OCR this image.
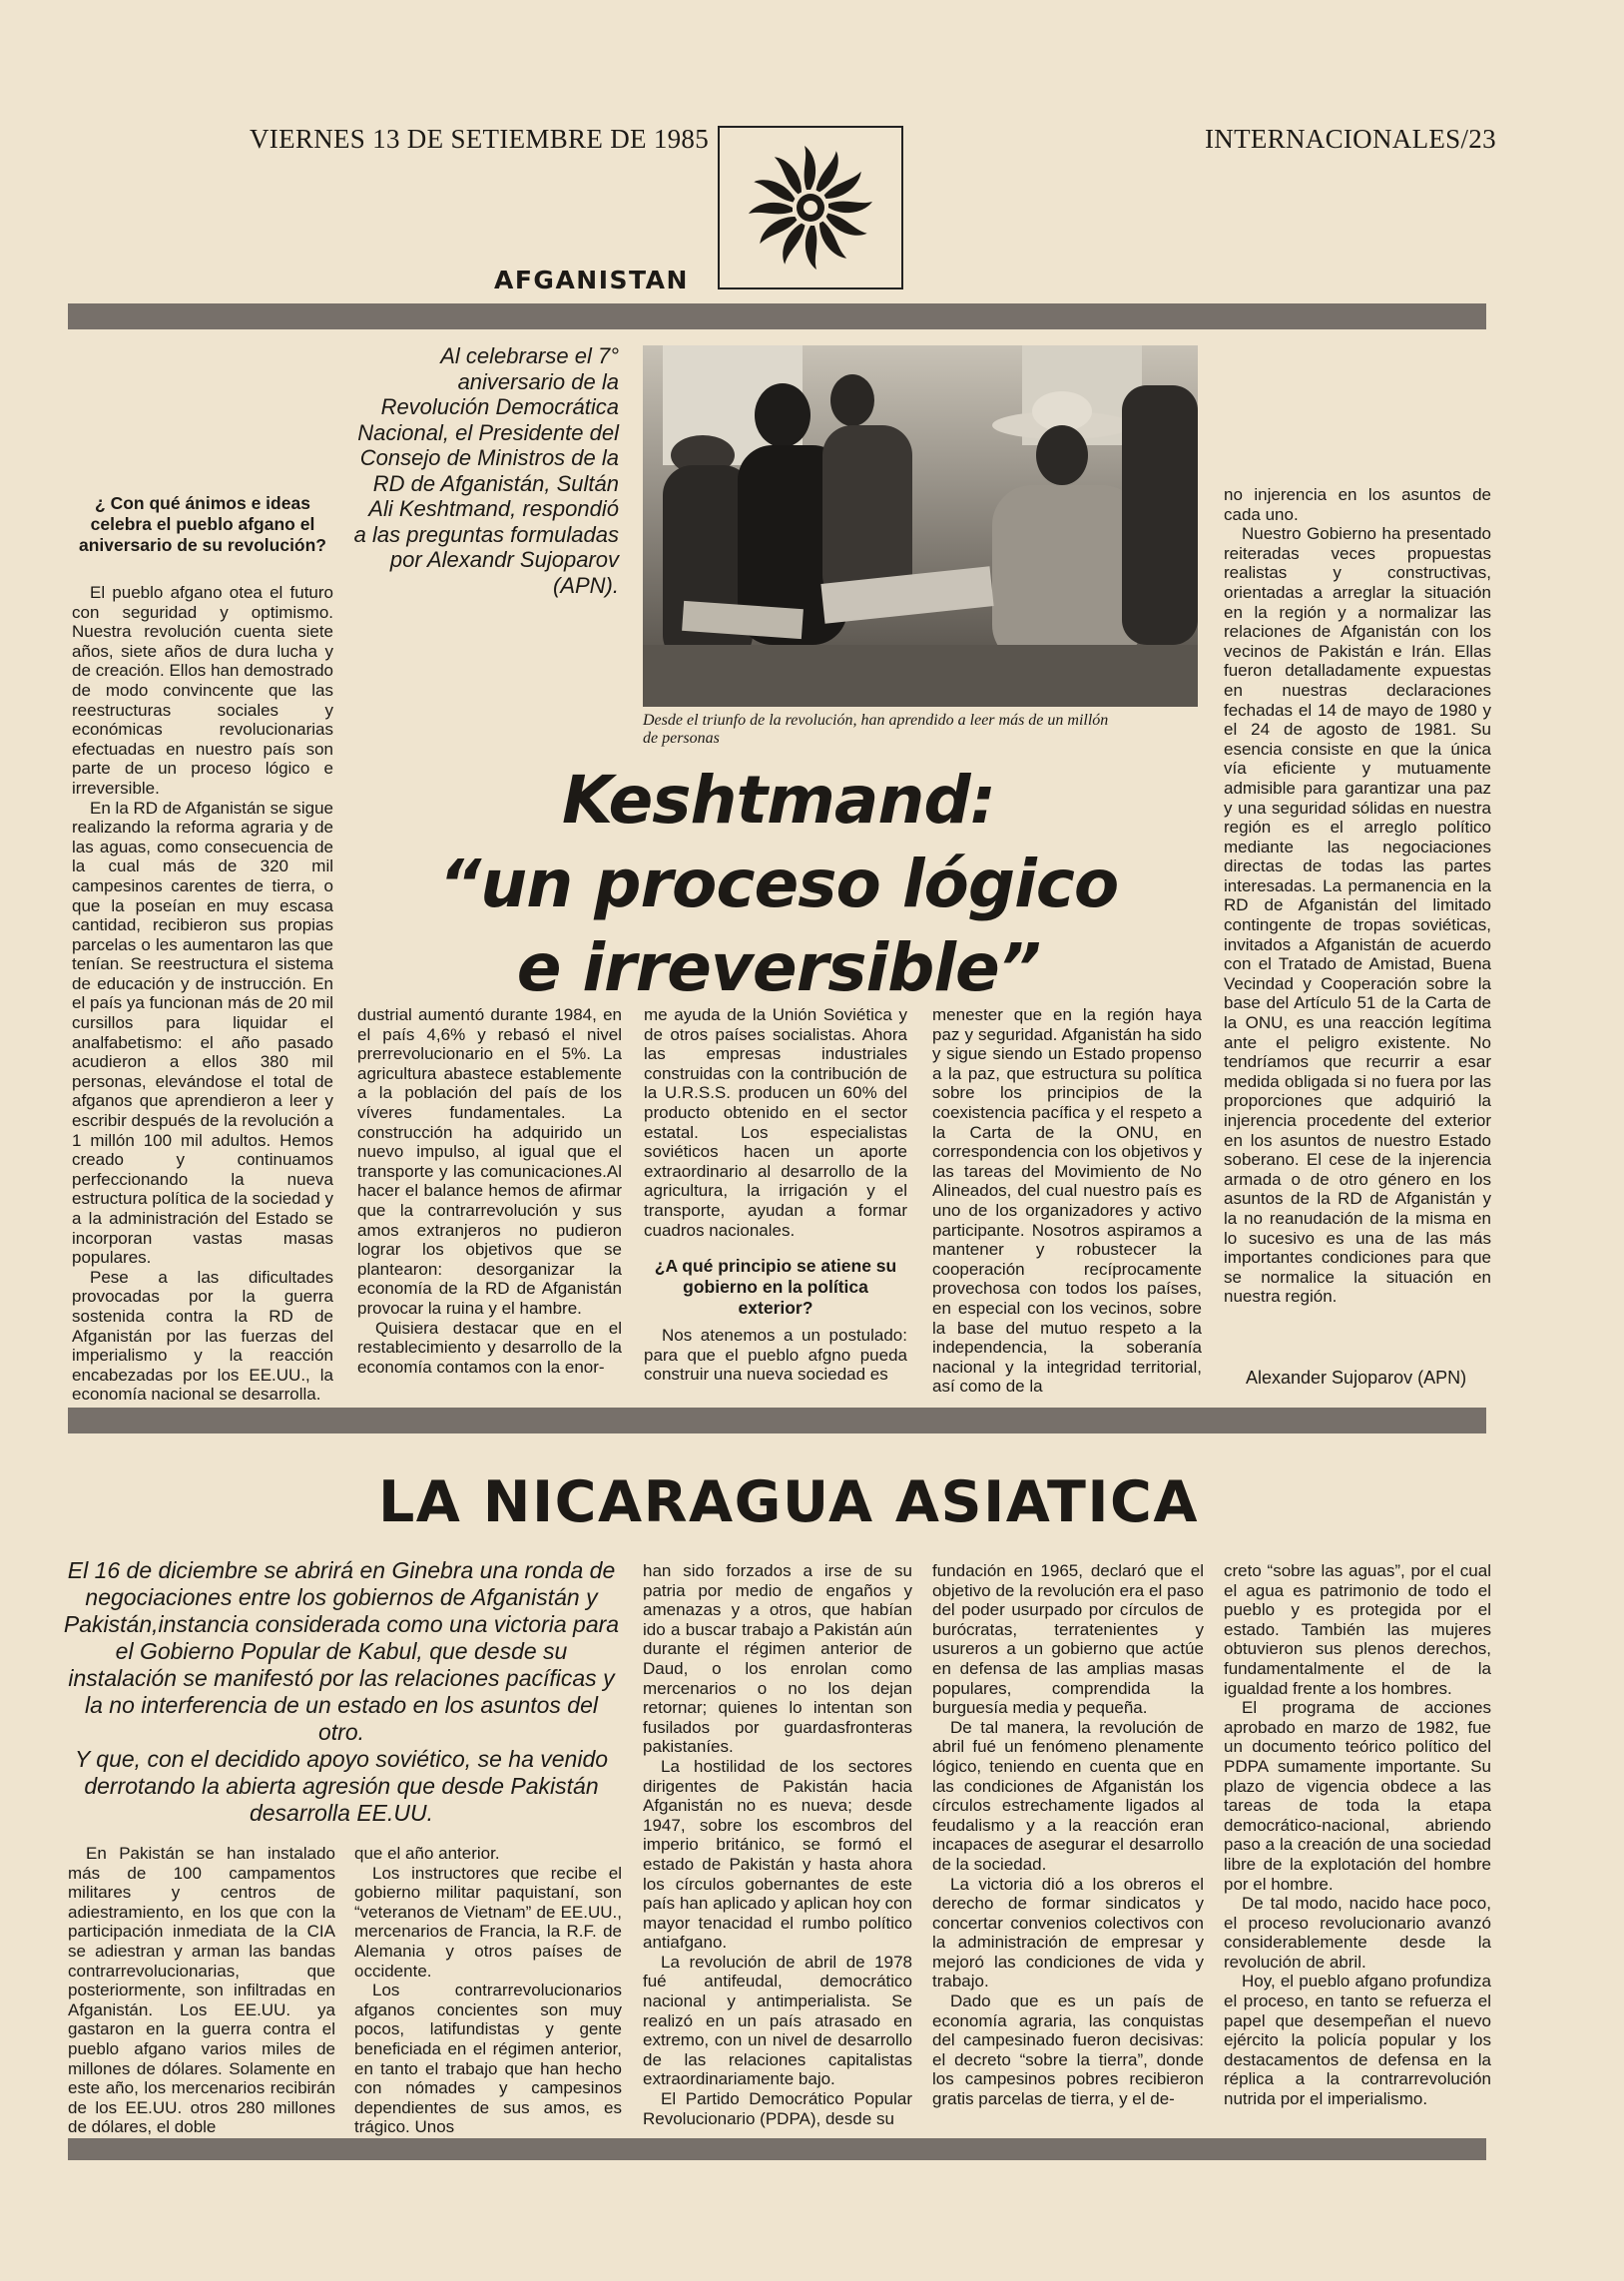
VIERNES 13 DE SETIEMBRE DE 1985	INTERNACIONALES/23
AFGANISTAN
Al celebrarse el 7° aniversario de la Revolución Democrática Nacional, el Presidente del Consejo de Ministros de la RD de Afganistán, Sultán Ali Keshtmand, respondió a las preguntas formuladas por Alexandr Sujoparov (APN).
Desde el triunfo de la revolución, han aprendido a leer más de un millón de personas
Keshtmand:
“un proceso lógico
e irreversible”
¿ Con qué ánimos e ideas celebra el pueblo afgano el aniversario de su revolución?

El pueblo afgano otea el futuro con seguridad y optimismo. Nuestra revolución cuenta siete años, siete años de dura lucha y de creación. Ellos han demostrado de modo convincente que las reestructuras sociales y económicas revolucionarias efectuadas en nuestro país son parte de un proceso lógico e irreversible.

En la RD de Afganistán se sigue realizando la reforma agraria y de las aguas, como consecuencia de la cual más de 320 mil campesinos carentes de tierra, o que la poseían en muy escasa cantidad, recibieron sus propias parcelas o les aumentaron las que tenían. Se reestructura el sistema de educación y de instrucción. En el país ya funcionan más de 20 mil cursillos para liquidar el analfabetismo: el año pasado acudieron a ellos 380 mil personas, elevándose el total de afganos que aprendieron a leer y escribir después de la revolución a 1 millón 100 mil adultos. Hemos creado y continuamos perfeccionando la nueva estructura política de la sociedad y a la administración del Estado se incorporan vastas masas populares.

Pese a las dificultades provocadas por la guerra sostenida contra la RD de Afganistán por las fuerzas del imperialismo y la reacción encabezadas por los EE.UU., la economía nacional se desarrolla.

dustrial aumentó durante 1984, en el país 4,6% y rebasó el nivel prerrevolucionario en el 5%. La agricultura abastece establemente a la población del país de los víveres fundamentales. La construcción ha adquirido un nuevo impulso, al igual que el transporte y las comunicaciones.Al hacer el balance hemos de afirmar que la contrarrevolución y sus amos extranjeros no pudieron lograr los objetivos que se plantearon: desorganizar la economía de la RD de Afganistán provocar la ruina y el hambre.

Quisiera destacar que en el restablecimiento y desarrollo de la economía contamos con la enor-

me ayuda de la Unión Soviética y de otros países socialistas. Ahora las empresas industriales construidas con la contribución de la U.R.S.S. producen un 60% del producto obtenido en el sector estatal. Los especialistas soviéticos hacen un aporte extraordinario al desarrollo de la agricultura, la irrigación y el transporte, ayudan a formar cuadros nacionales.

¿A qué principio se atiene su gobierno en la política exterior?

Nos atenemos a un postulado: para que el pueblo afgno pueda construir una nueva sociedad es

menester que en la región haya paz y seguridad. Afganistán ha sido y sigue siendo un Estado propenso a la paz, que estructura su política sobre los principios de la coexistencia pacífica y el respeto a la Carta de la ONU, en correspondencia con los objetivos y las tareas del Movimiento de No Alineados, del cual nuestro país es uno de los organizadores y activo participante. Nosotros aspiramos a mantener y robustecer la cooperación recíprocamente provechosa con todos los países, en especial con los vecinos, sobre la base del mutuo respeto a la independencia, la soberanía nacional y la integridad territorial, así como de la

no injerencia en los asuntos de cada uno.

Nuestro Gobierno ha presentado reiteradas veces propuestas realistas y constructivas, orientadas a arreglar la situación en la región y a normalizar las relaciones de Afganistán con los vecinos de Pakistán e Irán. Ellas fueron detalladamente expuestas en nuestras declaraciones fechadas el 14 de mayo de 1980 y el 24 de agosto de 1981. Su esencia consiste en que la única vía eficiente y mutuamente admisible para garantizar una paz y una seguridad sólidas en nuestra región es el arreglo político mediante las negociaciones directas de todas las partes interesadas. La permanencia en la RD de Afganistán del limitado contingente de tropas soviéticas, invitados a Afganistán de acuerdo con el Tratado de Amistad, Buena Vecindad y Cooperación sobre la base del Artículo 51 de la Carta de la ONU, es una reacción legítima ante el peligro existente. No tendríamos que recurrir a esar medida obligada si no fuera por las proporciones que adquirió la injerencia procedente del exterior en los asuntos de nuestro Estado soberano. El cese de la injerencia armada o de otro género en los asuntos de la RD de Afganistán y la no reanudación de la misma en lo sucesivo es una de las más importantes condiciones para que se normalice la situación en nuestra región.

Alexander Sujoparov (APN)
LA NICARAGUA ASIATICA
El 16 de diciembre se abrirá en Ginebra una ronda de negociaciones entre los gobiernos de Afganistán y Pakistán,instancia considerada como una victoria para el Gobierno Popular de Kabul, que desde su instalación se manifestó por las relaciones pacíficas y la no interferencia de un estado en los asuntos del otro.
Y que, con el decidido apoyo soviético, se ha venido derrotando la abierta agresión que desde Pakistán desarrolla EE.UU.

En Pakistán se han instalado más de 100 campamentos militares y centros de adiestramiento, en los que con la participación inmediata de la CIA se adiestran y arman las bandas contrarrevolucionarias, que posteriormente, son infiltradas en Afganistán. Los EE.UU. ya gastaron en la guerra contra el pueblo afgano varios miles de millones de dólares. Solamente en este año, los mercenarios recibirán de los EE.UU. otros 280 millones de dólares, el doble

que el año anterior.

Los instructores que recibe el gobierno militar paquistaní, son “veteranos de Vietnam” de EE.UU., mercenarios de Francia, la R.F. de Alemania y otros países de occidente.

Los contrarrevolucionarios afganos concientes son muy pocos, latifundistas y gente beneficiada en el régimen anterior, en tanto el trabajo que han hecho con nómades y campesinos dependientes de sus amos, es trágico. Unos

han sido forzados a irse de su patria por medio de engaños y amenazas y a otros, que habían ido a buscar trabajo a Pakistán aún durante el régimen anterior de Daud, o los enrolan como mercenarios o no los dejan retornar; quienes lo intentan son fusilados por guardasfronteras pakistaníes.

La hostilidad de los sectores dirigentes de Pakistán hacia Afganistán no es nueva; desde 1947, sobre los escombros del imperio británico, se formó el estado de Pakistán y hasta ahora los círculos gobernantes de este país han aplicado y aplican hoy con mayor tenacidad el rumbo político antiafgano.

La revolución de abril de 1978 fué antifeudal, democrático nacional y antimperialista. Se realizó en un país atrasado en extremo, con un nivel de desarrollo de las relaciones capitalistas extraordinariamente bajo.

El Partido Democrático Popular Revolucionario (PDPA), desde su

fundación en 1965, declaró que el objetivo de la revolución era el paso del poder usurpado por círculos de burócratas, terratenientes y usureros a un gobierno que actúe en defensa de las amplias masas populares, comprendida la burguesía media y pequeña.

De tal manera, la revolución de abril fué un fenómeno plenamente lógico, teniendo en cuenta que en las condiciones de Afganistán los círculos estrechamente ligados al feudalismo y a la reacción eran incapaces de asegurar el desarrollo de la sociedad.

La victoria dió a los obreros el derecho de formar sindicatos y concertar convenios colectivos con la administración de empresar y mejoró las condiciones de vida y trabajo.

Dado que es un país de economía agraria, las conquistas del campesinado fueron decisivas: el decreto “sobre la tierra”, donde los campesinos pobres recibieron gratis parcelas de tierra, y el de-

creto “sobre las aguas”, por el cual el agua es patrimonio de todo el pueblo y es protegida por el estado. También las mujeres obtuvieron sus plenos derechos, fundamentalmente el de la igualdad frente a los hombres.

El programa de acciones aprobado en marzo de 1982, fue un documento teórico político del PDPA sumamente importante. Su plazo de vigencia obdece a las tareas de toda la etapa democrático-nacional, abriendo paso a la creación de una sociedad libre de la explotación del hombre por el hombre.

De tal modo, nacido hace poco, el proceso revolucionario avanzó considerablemente desde la revolución de abril.

Hoy, el pueblo afgano profundiza el proceso, en tanto se refuerza el papel que desempeñan el nuevo ejército la policía popular y los destacamentos de defensa en la réplica a la contrarrevolución nutrida por el imperialismo.
